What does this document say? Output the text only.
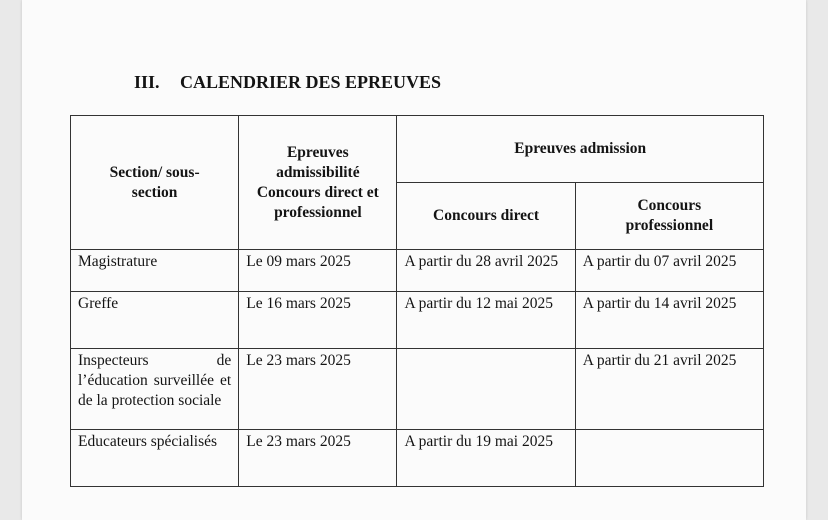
III. CALENDRIER DES EPREUVES
Section/ sous-section	Epreuves admissibilité Concours direct et professionnel	Epreuves admission	
		Concours direct	Concours professionnel
Magistrature	Le 09 mars 2025	A partir du 28 avril 2025	A partir du 07 avril 2025
Greffe	Le 16 mars 2025	A partir du 12 mai 2025	A partir du 14 avril 2025
Inspecteurs de l’éducation surveillée et de la protection sociale	Le 23 mars 2025		A partir du 21 avril 2025
Educateurs spécialisés	Le 23 mars 2025	A partir du 19 mai 2025	
